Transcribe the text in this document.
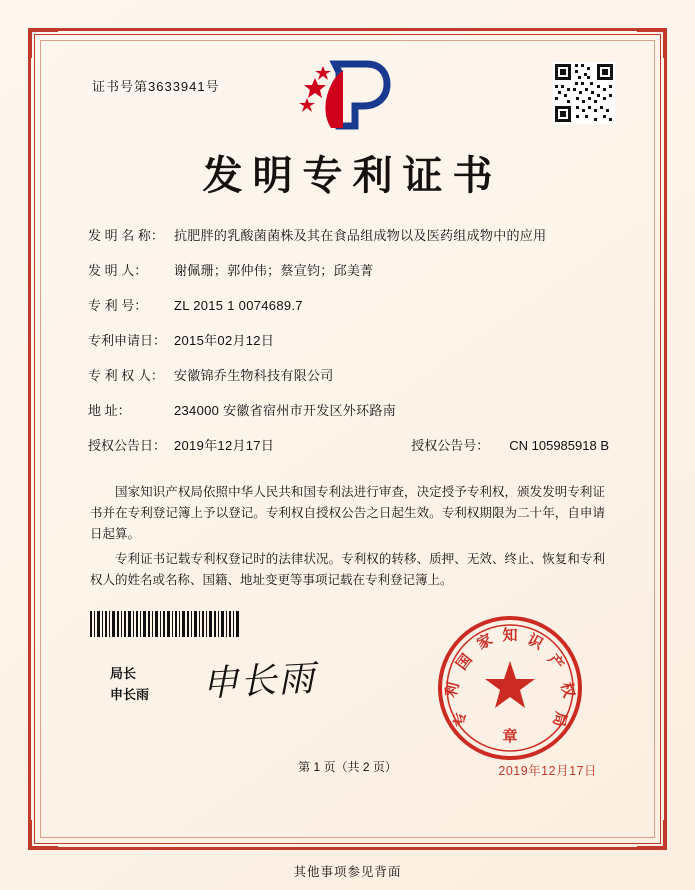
证书号第3633941号
发明专利证书
发 明 名 称： 抗肥胖的乳酸菌菌株及其在食品组成物以及医药组成物中的应用
发 明 人：	谢佩珊；郭仲伟；蔡宣钧；邱美菁
专 利 号：	ZL 2015 1 0074689.7
专利申请日： 2015年02月12日
专 利 权 人： 安徽锦乔生物科技有限公司
地 址：	234000 安徽省宿州市开发区外环路南
授权公告日： 2019年12月17日	授权公告号：	CN 105985918 B
国家知识产权局依照中华人民共和国专利法进行审查，决定授予专利权，颁发发明专利证书并在专利登记簿上予以登记。专利权自授权公告之日起生效。专利权期限为二十年，自申请日起算。
专利证书记载专利权登记时的法律状况。专利权的转移、质押、无效、终止、恢复和专利权人的姓名或名称、国籍、地址变更等事项记载在专利登记簿上。
局长
申长雨 申长雨
知
家
国
识
产
权
局
专
利
章
2019年12月17日
第 1 页（共 2 页）
其他事项参见背面
